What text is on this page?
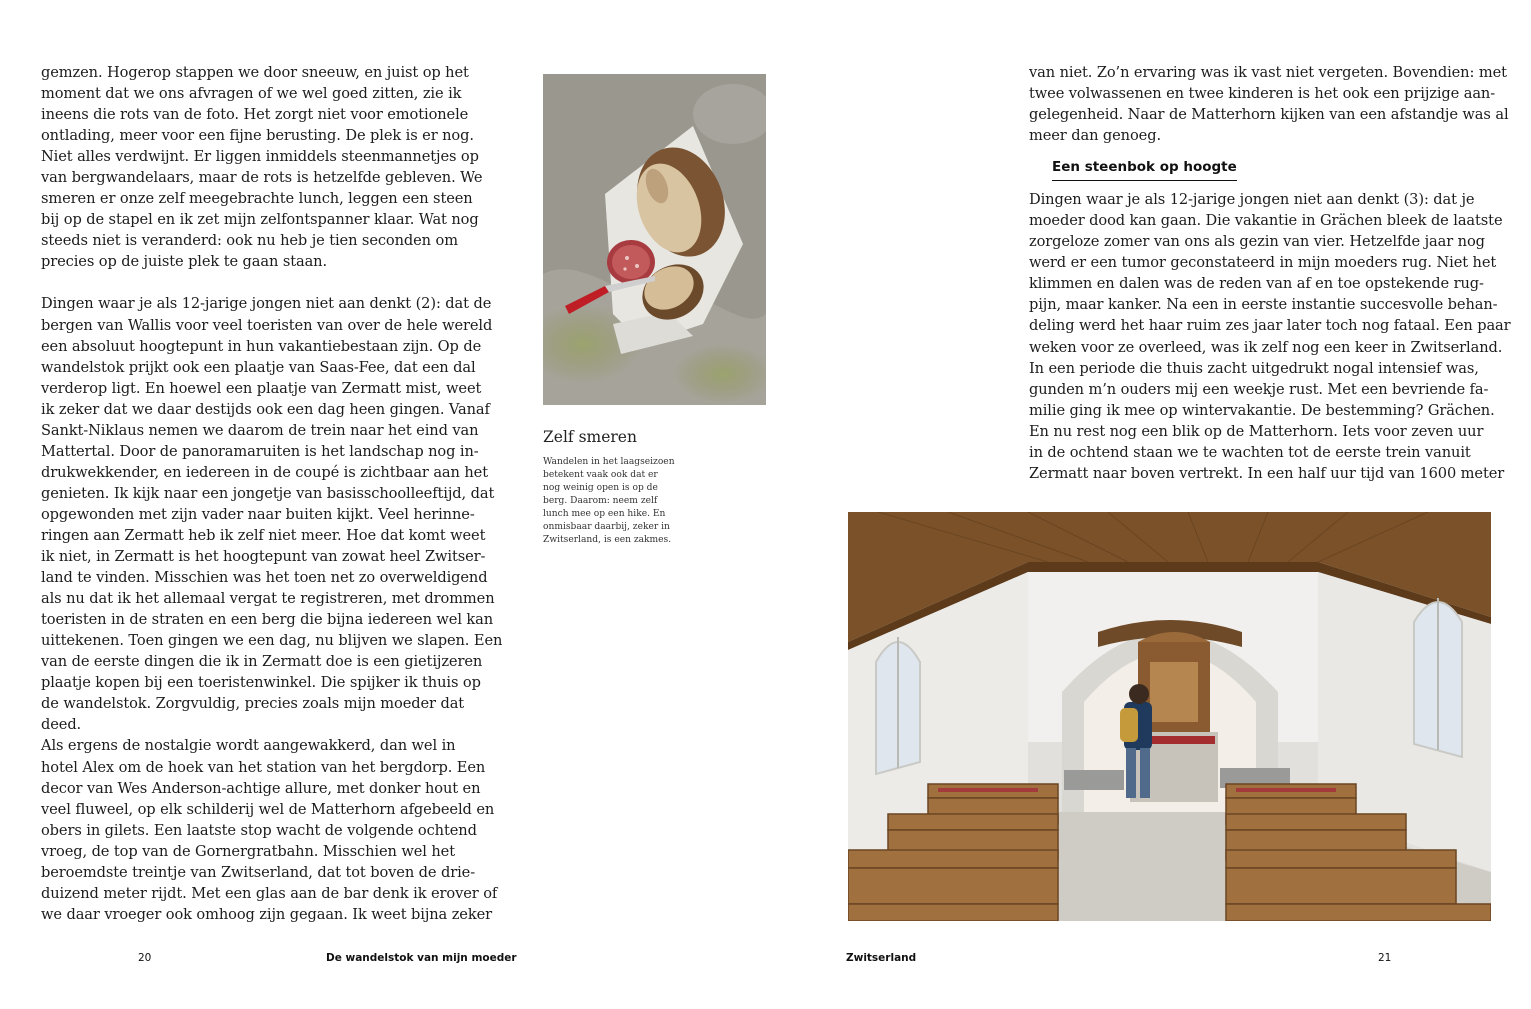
gemzen. Hogerop stappen we door sneeuw, en juist op het
moment dat we ons afvragen of we wel goed zitten, zie ik
ineens die rots van de foto. Het zorgt niet voor emotionele
ontlading, meer voor een fijne berusting. De plek is er nog.
Niet alles verdwijnt. Er liggen inmiddels steenmannetjes op
van bergwandelaars, maar de rots is hetzelfde gebleven. We
smeren er onze zelf meegebrachte lunch, leggen een steen
bij op de stapel en ik zet mijn zelfontspanner klaar. Wat nog
steeds niet is veranderd: ook nu heb je tien seconden om
precies op de juiste plek te gaan staan.
Dingen waar je als 12-jarige jongen niet aan denkt (2): dat de
bergen van Wallis voor veel toeristen van over de hele wereld
een absoluut hoogtepunt in hun vakantiebestaan zijn. Op de
wandelstok prijkt ook een plaatje van Saas-Fee, dat een dal
verderop ligt. En hoewel een plaatje van Zermatt mist, weet
ik zeker dat we daar destijds ook een dag heen gingen. Vanaf
Sankt-Niklaus nemen we daarom de trein naar het eind van
Mattertal. Door de panoramaruiten is het landschap nog in-
drukwekkender, en iedereen in de coupé is zichtbaar aan het
genieten. Ik kijk naar een jongetje van basisschoolleeftijd, dat
opgewonden met zijn vader naar buiten kijkt. Veel herinne-
ringen aan Zermatt heb ik zelf niet meer. Hoe dat komt weet
ik niet, in Zermatt is het hoogtepunt van zowat heel Zwitser-
land te vinden. Misschien was het toen net zo overweldigend
als nu dat ik het allemaal vergat te registreren, met drommen
toeristen in de straten en een berg die bijna iedereen wel kan
uittekenen. Toen gingen we een dag, nu blijven we slapen. Een
van de eerste dingen die ik in Zermatt doe is een gietijzeren
plaatje kopen bij een toeristenwinkel. Die spijker ik thuis op
de wandelstok. Zorgvuldig, precies zoals mijn moeder dat
deed.
Als ergens de nostalgie wordt aangewakkerd, dan wel in
hotel Alex om de hoek van het station van het bergdorp. Een
decor van Wes Anderson-achtige allure, met donker hout en
veel fluweel, op elk schilderij wel de Matterhorn afgebeeld en
obers in gilets. Een laatste stop wacht de volgende ochtend
vroeg, de top van de Gornergratbahn. Misschien wel het
beroemdste treintje van Zwitserland, dat tot boven de drie-
duizend meter rijdt. Met een glas aan de bar denk ik erover of
we daar vroeger ook omhoog zijn gegaan. Ik weet bijna zeker
Zelf smeren
Wandelen in het laagseizoen
betekent vaak ook dat er
nog weinig open is op de
berg. Daarom: neem zelf
lunch mee op een hike. En
onmisbaar daarbij, zeker in
Zwitserland, is een zakmes.
van niet. Zo’n ervaring was ik vast niet vergeten. Bovendien: met
twee volwassenen en twee kinderen is het ook een prijzige aan-
gelegenheid. Naar de Matterhorn kijken van een afstandje was al
meer dan genoeg.
Dingen waar je als 12-jarige jongen niet aan denkt (3): dat je
moeder dood kan gaan. Die vakantie in Grächen bleek de laatste
zorgeloze zomer van ons als gezin van vier. Hetzelfde jaar nog
werd er een tumor geconstateerd in mijn moeders rug. Niet het
klimmen en dalen was de reden van af en toe opstekende rug-
pijn, maar kanker. Na een in eerste instantie succesvolle behan-
deling werd het haar ruim zes jaar later toch nog fataal. Een paar
weken voor ze overleed, was ik zelf nog een keer in Zwitserland.
In een periode die thuis zacht uitgedrukt nogal intensief was,
gunden m’n ouders mij een weekje rust. Met een bevriende fa-
milie ging ik mee op wintervakantie. De bestemming? Grächen.
En nu rest nog een blik op de Matterhorn. Iets voor zeven uur
in de ochtend staan we te wachten tot de eerste trein vanuit
Zermatt naar boven vertrekt. In een half uur tijd van 1600 meter
Een steenbok op hoogte
20	De wandelstok van mijn moeder	Zwitserland	21
